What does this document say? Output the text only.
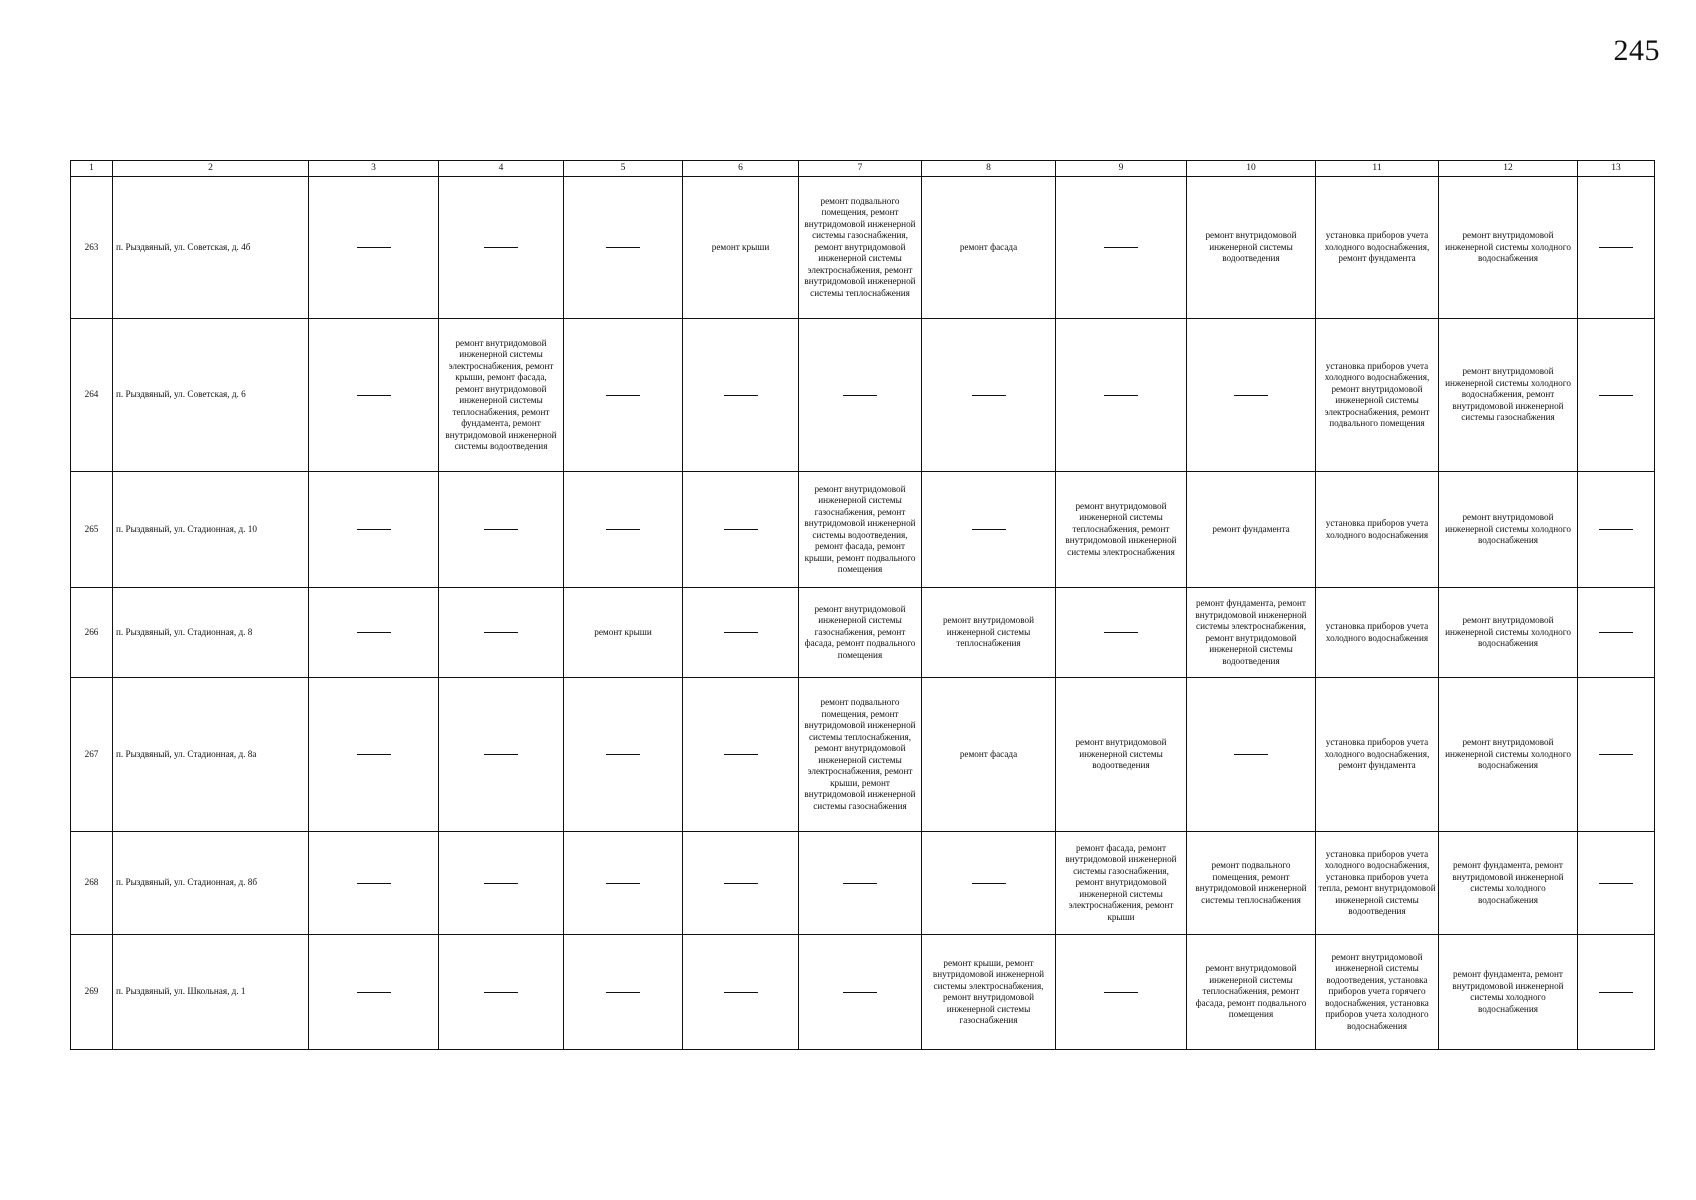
245
1	2	3	4	5	6	7	8	9	10	11	12	13
263	п. Рыздвяный, ул. Советская, д. 4б				ремонт крыши	ремонт подвального помещения, ремонт внутридомовой инженерной системы газоснабжения, ремонт внутридомовой инженерной системы электроснабжения, ремонт внутридомовой инженерной системы теплоснабжения	ремонт фасада		ремонт внутридомовой инженерной системы водоотведения	установка приборов учета холодного водоснабжения, ремонт фундамента	ремонт внутридомовой инженерной системы холодного водоснабжения	
264	п. Рыздвяный, ул. Советская, д. 6		ремонт внутридомовой инженерной системы электроснабжения, ремонт крыши, ремонт фасада, ремонт внутридомовой инженерной системы теплоснабжения, ремонт фундамента, ремонт внутридомовой инженерной системы водоотведения							установка приборов учета холодного водоснабжения, ремонт внутридомовой инженерной системы электроснабжения, ремонт подвального помещения	ремонт внутридомовой инженерной системы холодного водоснабжения, ремонт внутридомовой инженерной системы газоснабжения	
265	п. Рыздвяный, ул. Стадионная, д. 10					ремонт внутридомовой инженерной системы газоснабжения, ремонт внутридомовой инженерной системы водоотведения, ремонт фасада, ремонт крыши, ремонт подвального помещения		ремонт внутридомовой инженерной системы теплоснабжения, ремонт внутридомовой инженерной системы электроснабжения	ремонт фундамента	установка приборов учета холодного водоснабжения	ремонт внутридомовой инженерной системы холодного водоснабжения	
266	п. Рыздвяный, ул. Стадионная, д. 8			ремонт крыши		ремонт внутридомовой инженерной системы газоснабжения, ремонт фасада, ремонт подвального помещения	ремонт внутридомовой инженерной системы теплоснабжения		ремонт фундамента, ремонт внутридомовой инженерной системы электроснабжения, ремонт внутридомовой инженерной системы водоотведения	установка приборов учета холодного водоснабжения	ремонт внутридомовой инженерной системы холодного водоснабжения	
267	п. Рыздвяный, ул. Стадионная, д. 8а					ремонт подвального помещения, ремонт внутридомовой инженерной системы теплоснабжения, ремонт внутридомовой инженерной системы электроснабжения, ремонт крыши, ремонт внутридомовой инженерной системы газоснабжения	ремонт фасада	ремонт внутридомовой инженерной системы водоотведения		установка приборов учета холодного водоснабжения, ремонт фундамента	ремонт внутридомовой инженерной системы холодного водоснабжения	
268	п. Рыздвяный, ул. Стадионная, д. 8б							ремонт фасада, ремонт внутридомовой инженерной системы газоснабжения, ремонт внутридомовой инженерной системы электроснабжения, ремонт крыши	ремонт подвального помещения, ремонт внутридомовой инженерной системы теплоснабжения	установка приборов учета холодного водоснабжения, установка приборов учета тепла, ремонт внутридомовой инженерной системы водоотведения	ремонт фундамента, ремонт внутридомовой инженерной системы холодного водоснабжения	
269	п. Рыздвяный, ул. Школьная, д. 1						ремонт крыши, ремонт внутридомовой инженерной системы электроснабжения, ремонт внутридомовой инженерной системы газоснабжения		ремонт внутридомовой инженерной системы теплоснабжения, ремонт фасада, ремонт подвального помещения	ремонт внутридомовой инженерной системы водоотведения, установка приборов учета горячего водоснабжения, установка приборов учета холодного водоснабжения	ремонт фундамента, ремонт внутридомовой инженерной системы холодного водоснабжения	
